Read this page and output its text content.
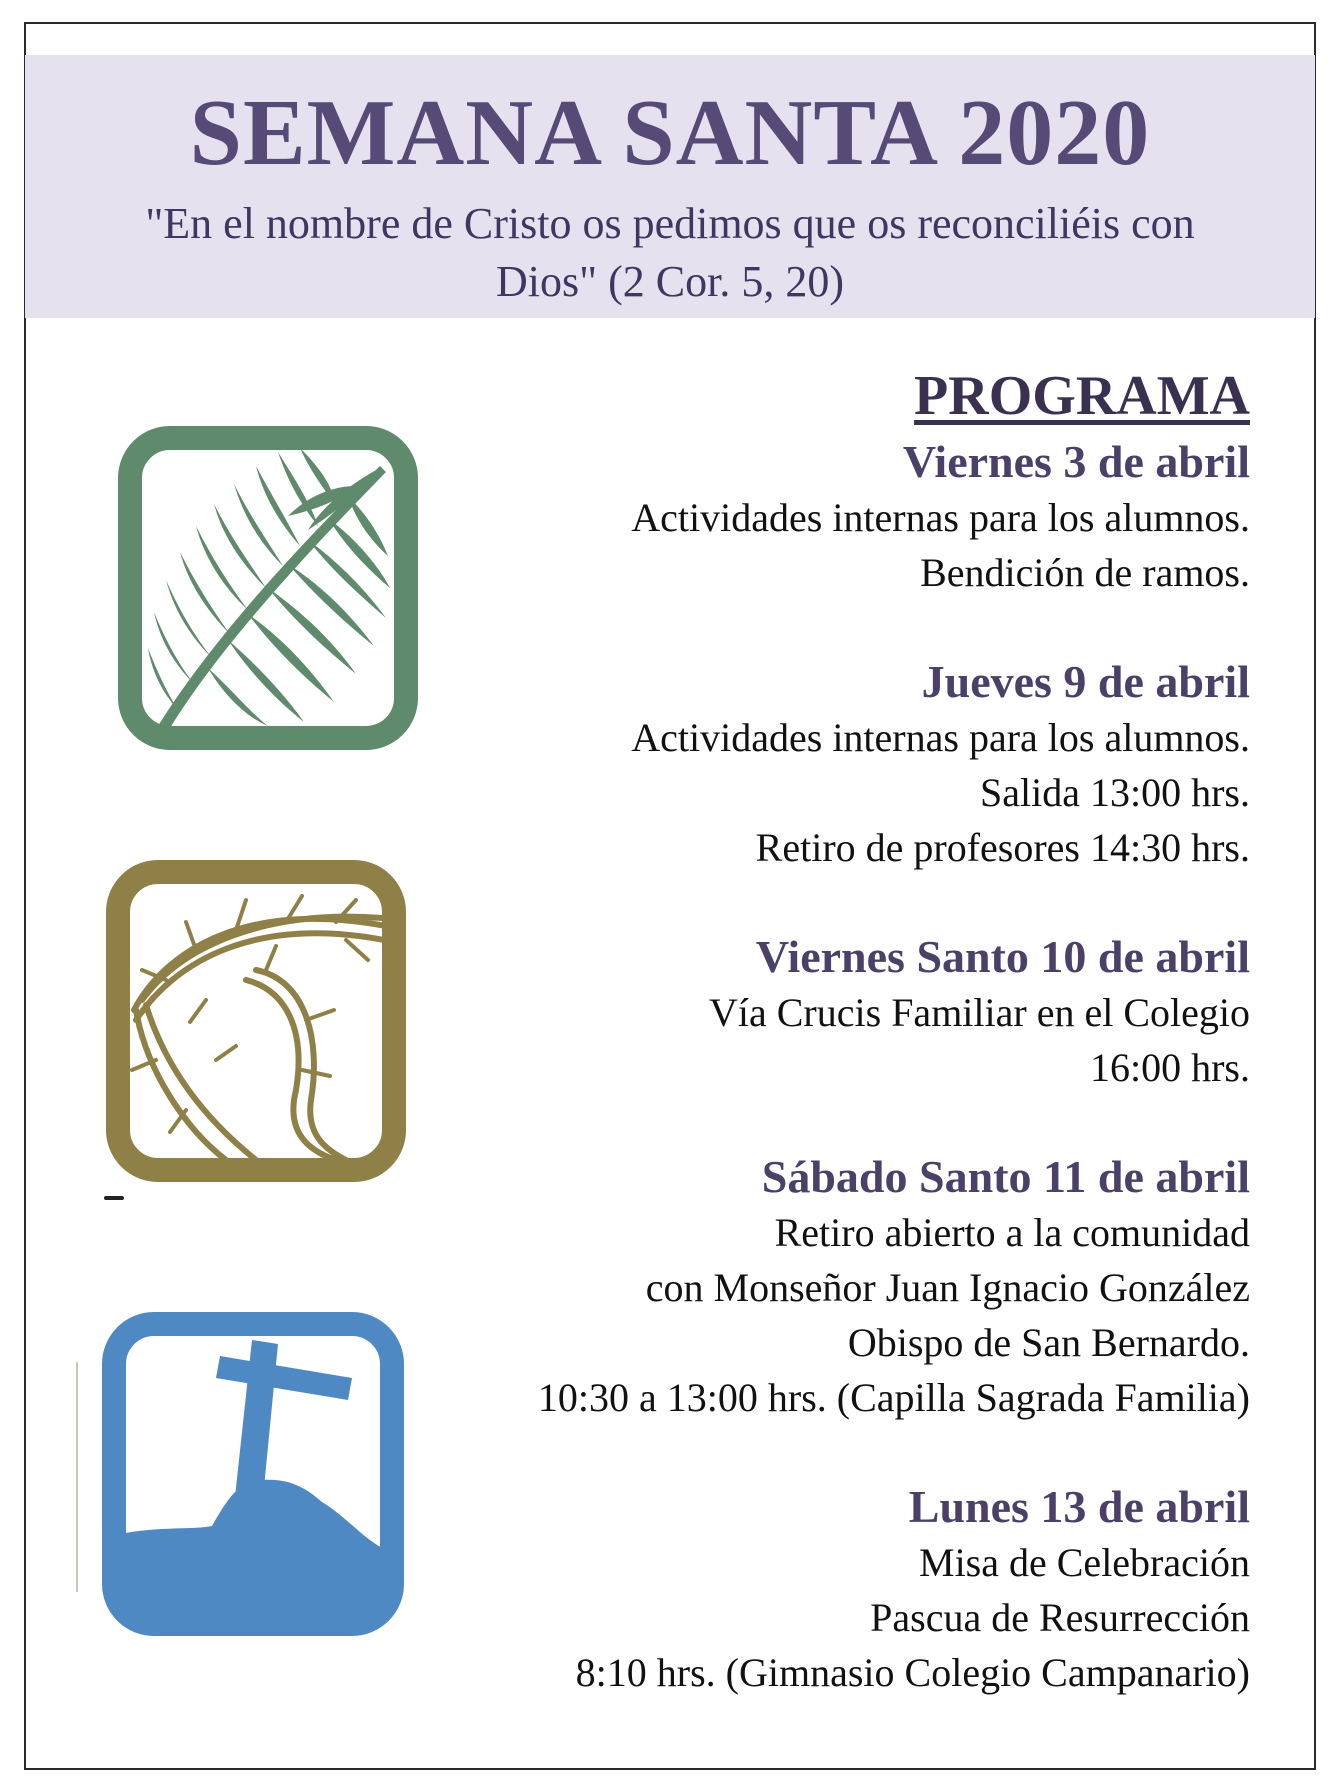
SEMANA SANTA 2020
"En el nombre de Cristo os pedimos que os reconciliéis con Dios" (2 Cor. 5, 20)
PROGRAMA
Viernes 3 de abril
Actividades internas para los alumnos.
Bendición de ramos.
Jueves 9 de abril
Actividades internas para los alumnos.
Salida 13:00 hrs.
Retiro de profesores 14:30 hrs.
Viernes Santo 10 de abril
Vía Crucis Familiar en el Colegio
16:00 hrs.
Sábado Santo 11 de abril
Retiro abierto a la comunidad
con Monseñor Juan Ignacio González
Obispo de San Bernardo.
10:30 a 13:00 hrs. (Capilla Sagrada Familia)
Lunes 13 de abril
Misa de Celebración
Pascua de Resurrección
8:10 hrs. (Gimnasio Colegio Campanario)
